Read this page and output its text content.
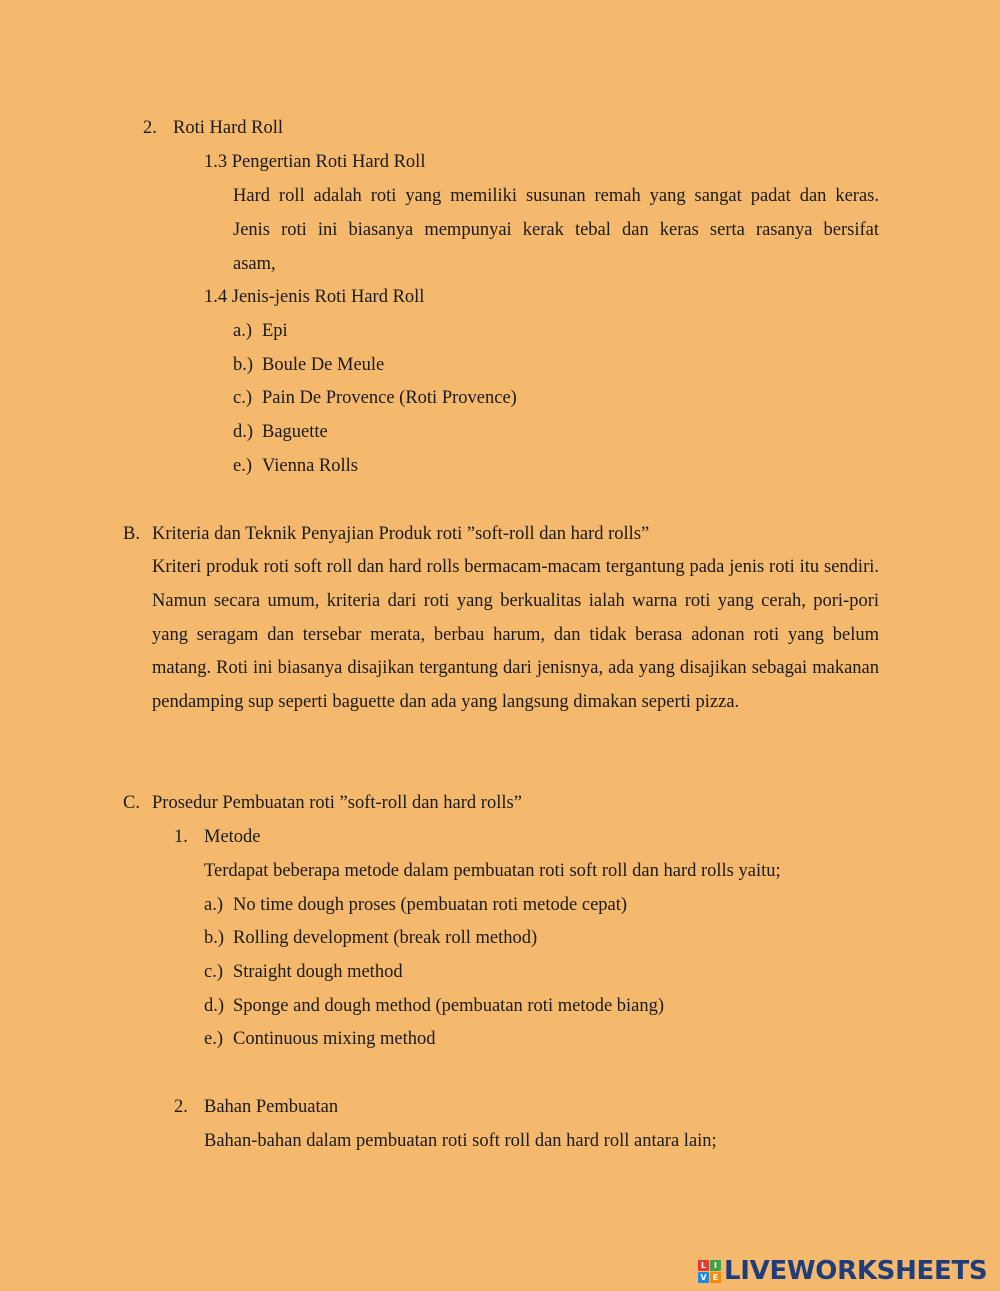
2. Roti Hard Roll
1.3 Pengertian Roti Hard Roll
Hard roll adalah roti yang memiliki susunan remah yang sangat padat dan keras.
Jenis roti ini biasanya mempunyai kerak tebal dan keras serta rasanya bersifat
asam,
1.4 Jenis-jenis Roti Hard Roll
a.) Epi
b.) Boule De Meule
c.) Pain De Provence (Roti Provence)
d.) Baguette
e.) Vienna Rolls
B. Kriteria dan Teknik Penyajian Produk roti ”soft-roll dan hard rolls”
Kriteri produk roti soft roll dan hard rolls bermacam-macam tergantung pada jenis roti itu sendiri. Namun secara umum, kriteria dari roti yang berkualitas ialah warna roti yang cerah, pori-pori yang seragam dan tersebar merata, berbau harum, dan tidak berasa adonan roti yang belum matang. Roti ini biasanya disajikan tergantung dari jenisnya, ada yang disajikan sebagai makanan pendamping sup seperti baguette dan ada yang langsung dimakan seperti pizza.
C. Prosedur Pembuatan roti ”soft-roll dan hard rolls”
1. Metode
Terdapat beberapa metode dalam pembuatan roti soft roll dan hard rolls yaitu;
a.) No time dough proses (pembuatan roti metode cepat)
b.) Rolling development (break roll method)
c.) Straight dough method
d.) Sponge and dough method (pembuatan roti metode biang)
e.) Continuous mixing method
2. Bahan Pembuatan
Bahan-bahan dalam pembuatan roti soft roll dan hard roll antara lain;
L I
V E LIVEWORKSHEETS
